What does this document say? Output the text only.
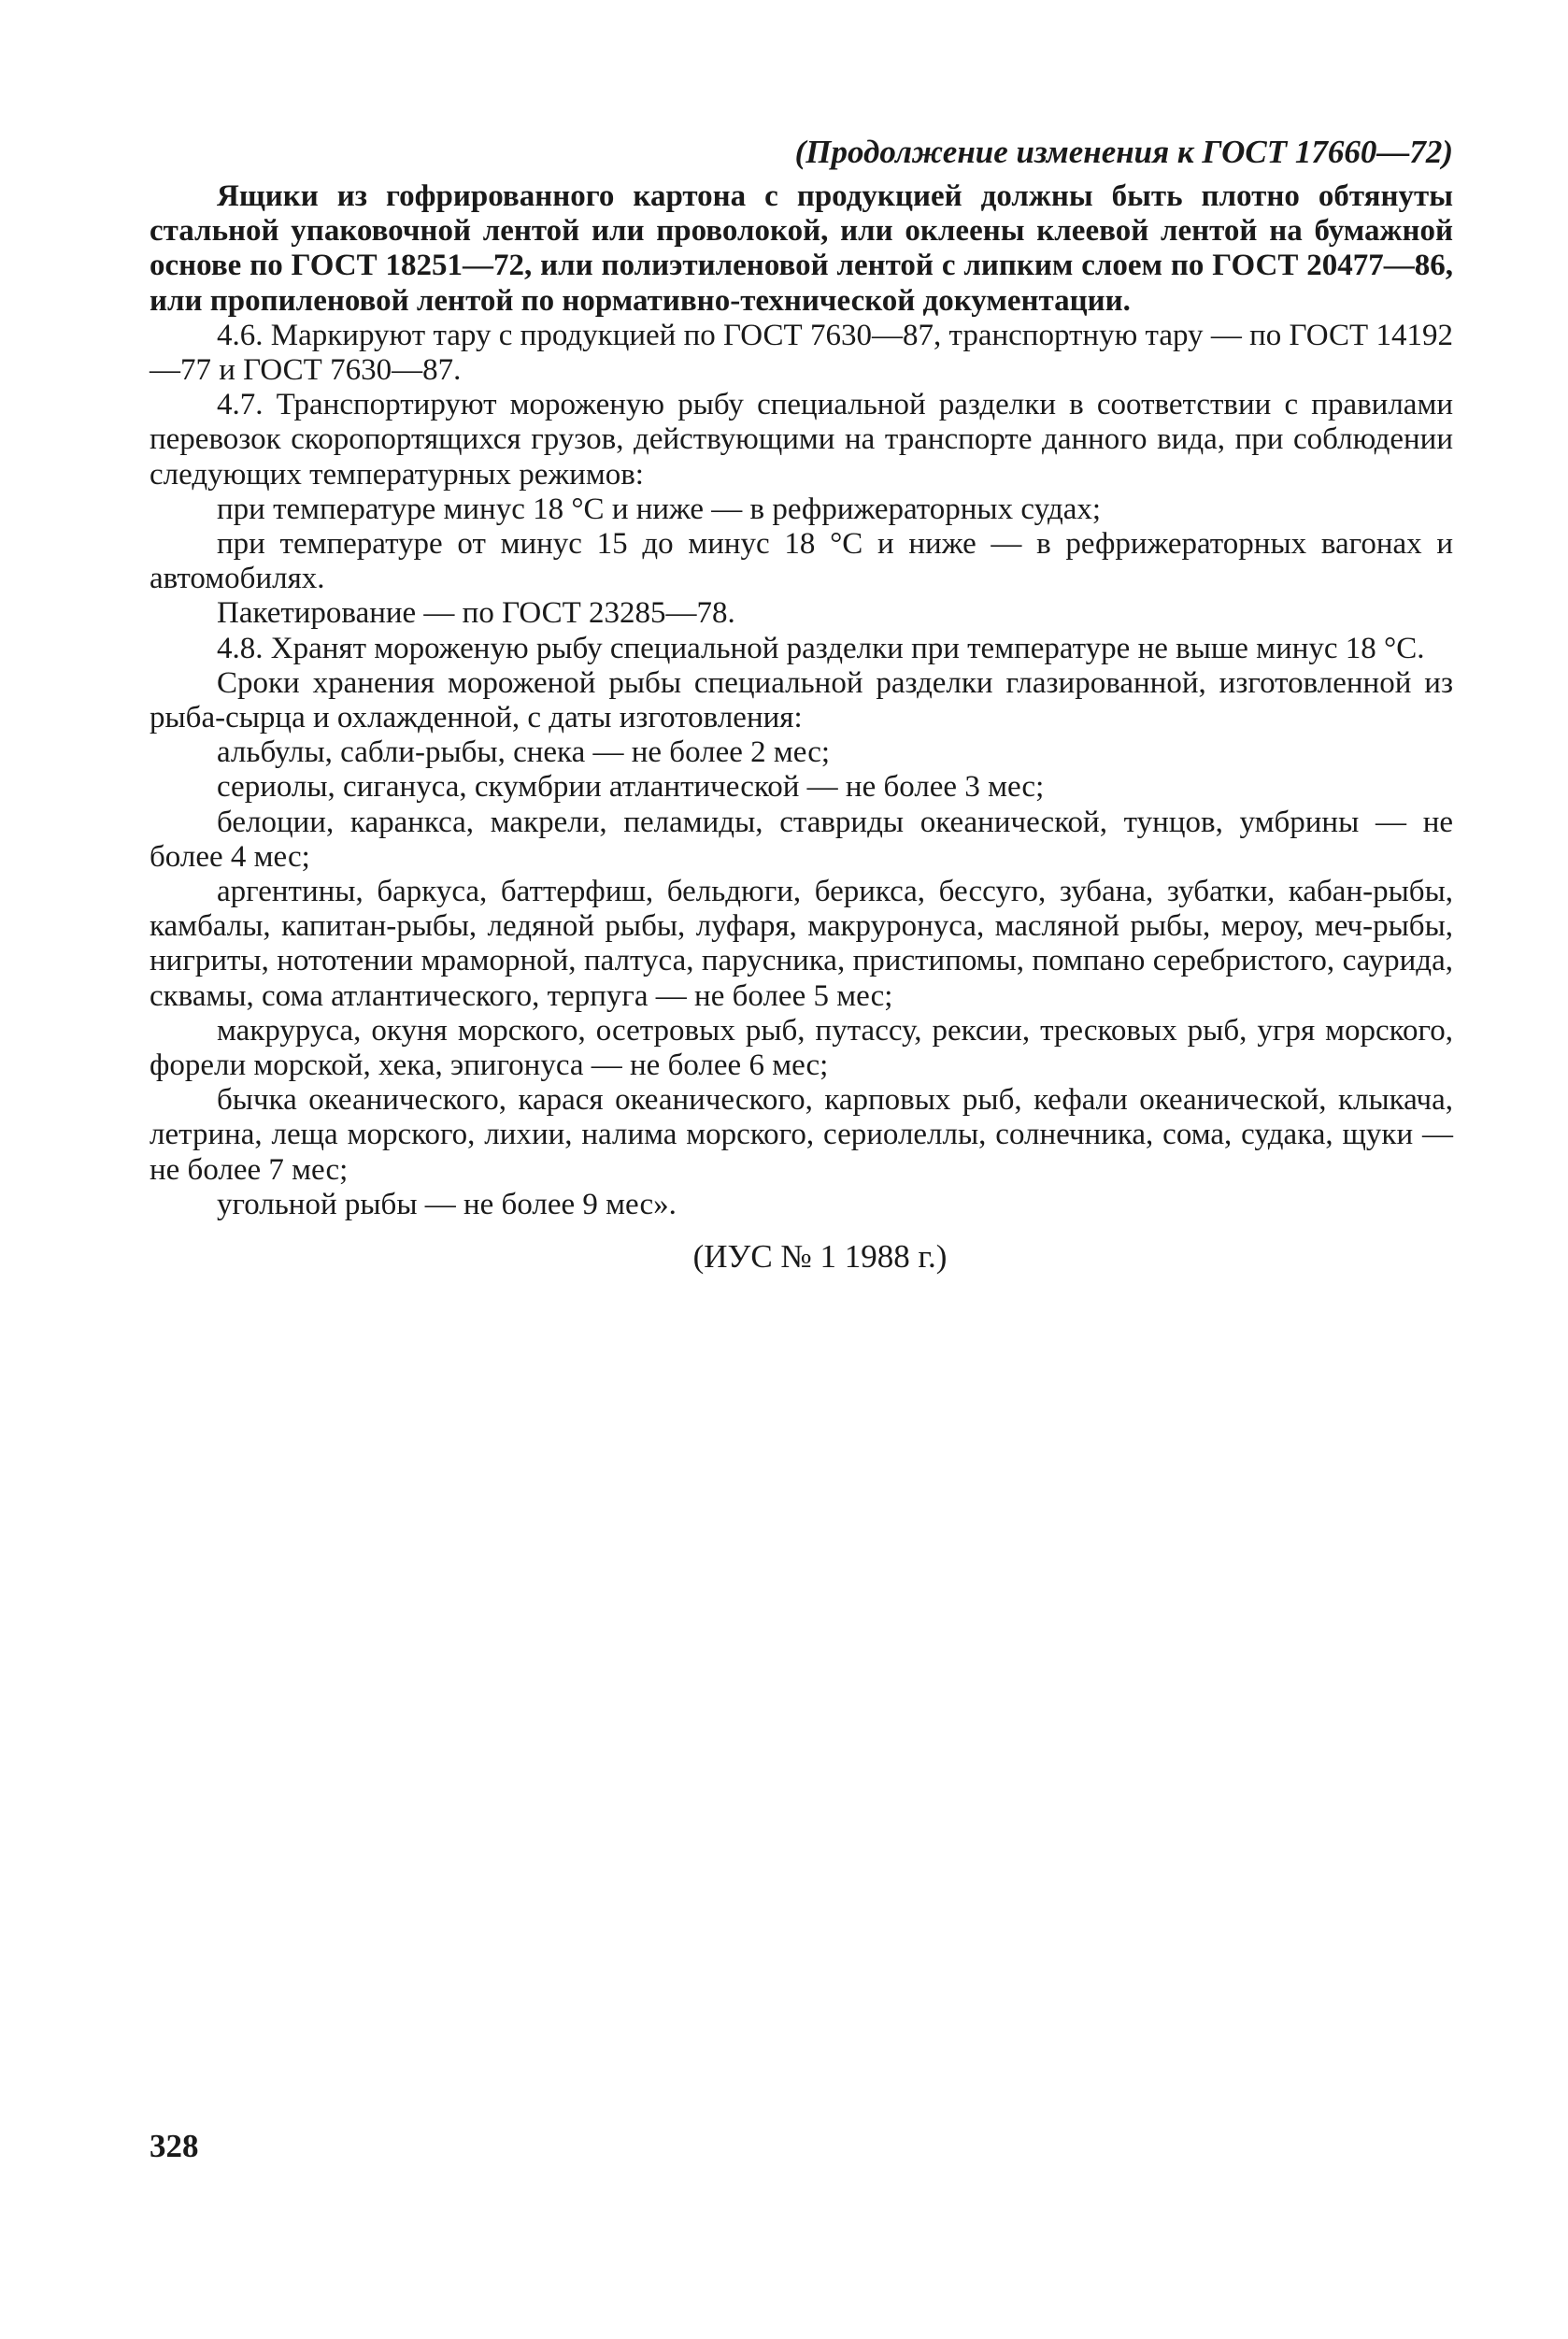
(Продолжение изменения к ГОСТ 17660—72)

Ящики из гофрированного картона с продукцией должны быть плотно обтянуты стальной упаковочной лентой или проволокой, или оклеены клеевой лентой на бумажной основе по ГОСТ 18251—72, или полиэтиленовой лентой с липким слоем по ГОСТ 20477—86, или пропиленовой лентой по нормативно-технической документации.

4.6. Маркируют тару с продукцией по ГОСТ 7630—87, транспортную тару — по ГОСТ 14192—77 и ГОСТ 7630—87.

4.7. Транспортируют мороженую рыбу специальной разделки в соответствии с правилами перевозок скоропортящихся грузов, действующими на транспорте данного вида, при соблюдении следующих температурных режимов:

при температуре минус 18 °С и ниже — в рефрижераторных судах;

при температуре от минус 15 до минус 18 °С и ниже — в рефрижераторных вагонах и автомобилях.

Пакетирование — по ГОСТ 23285—78.

4.8. Хранят мороженую рыбу специальной разделки при температуре не выше минус 18 °С.

Сроки хранения мороженой рыбы специальной разделки глазированной, изготовленной из рыба-сырца и охлажденной, с даты изготовления:

альбулы, сабли-рыбы, снека — не более 2 мес;

сериолы, сигануса, скумбрии атлантической — не более 3 мес;

белоции, каранкса, макрели, пеламиды, ставриды океанической, тунцов, умбрины — не более 4 мес;

аргентины, баркуса, баттерфиш, бельдюги, берикса, бессуго, зубана, зубатки, кабан-рыбы, камбалы, капитан-рыбы, ледяной рыбы, луфаря, макруронуса, масляной рыбы, мероу, меч-рыбы, нигриты, нототении мраморной, палтуса, парусника, пристипомы, помпано серебристого, саурида, сквамы, сома атлантического, терпуга — не более 5 мес;

макруруса, окуня морского, осетровых рыб, путассу, рексии, тресковых рыб, угря морского, форели морской, хека, эпигонуса — не более 6 мес;

бычка океанического, карася океанического, карповых рыб, кефали океанической, клыкача, летрина, леща морского, лихии, налима морского, сериолеллы, солнечника, сома, судака, щуки — не более 7 мес;

угольной рыбы — не более 9 мес».

(ИУС № 1 1988 г.)
328
